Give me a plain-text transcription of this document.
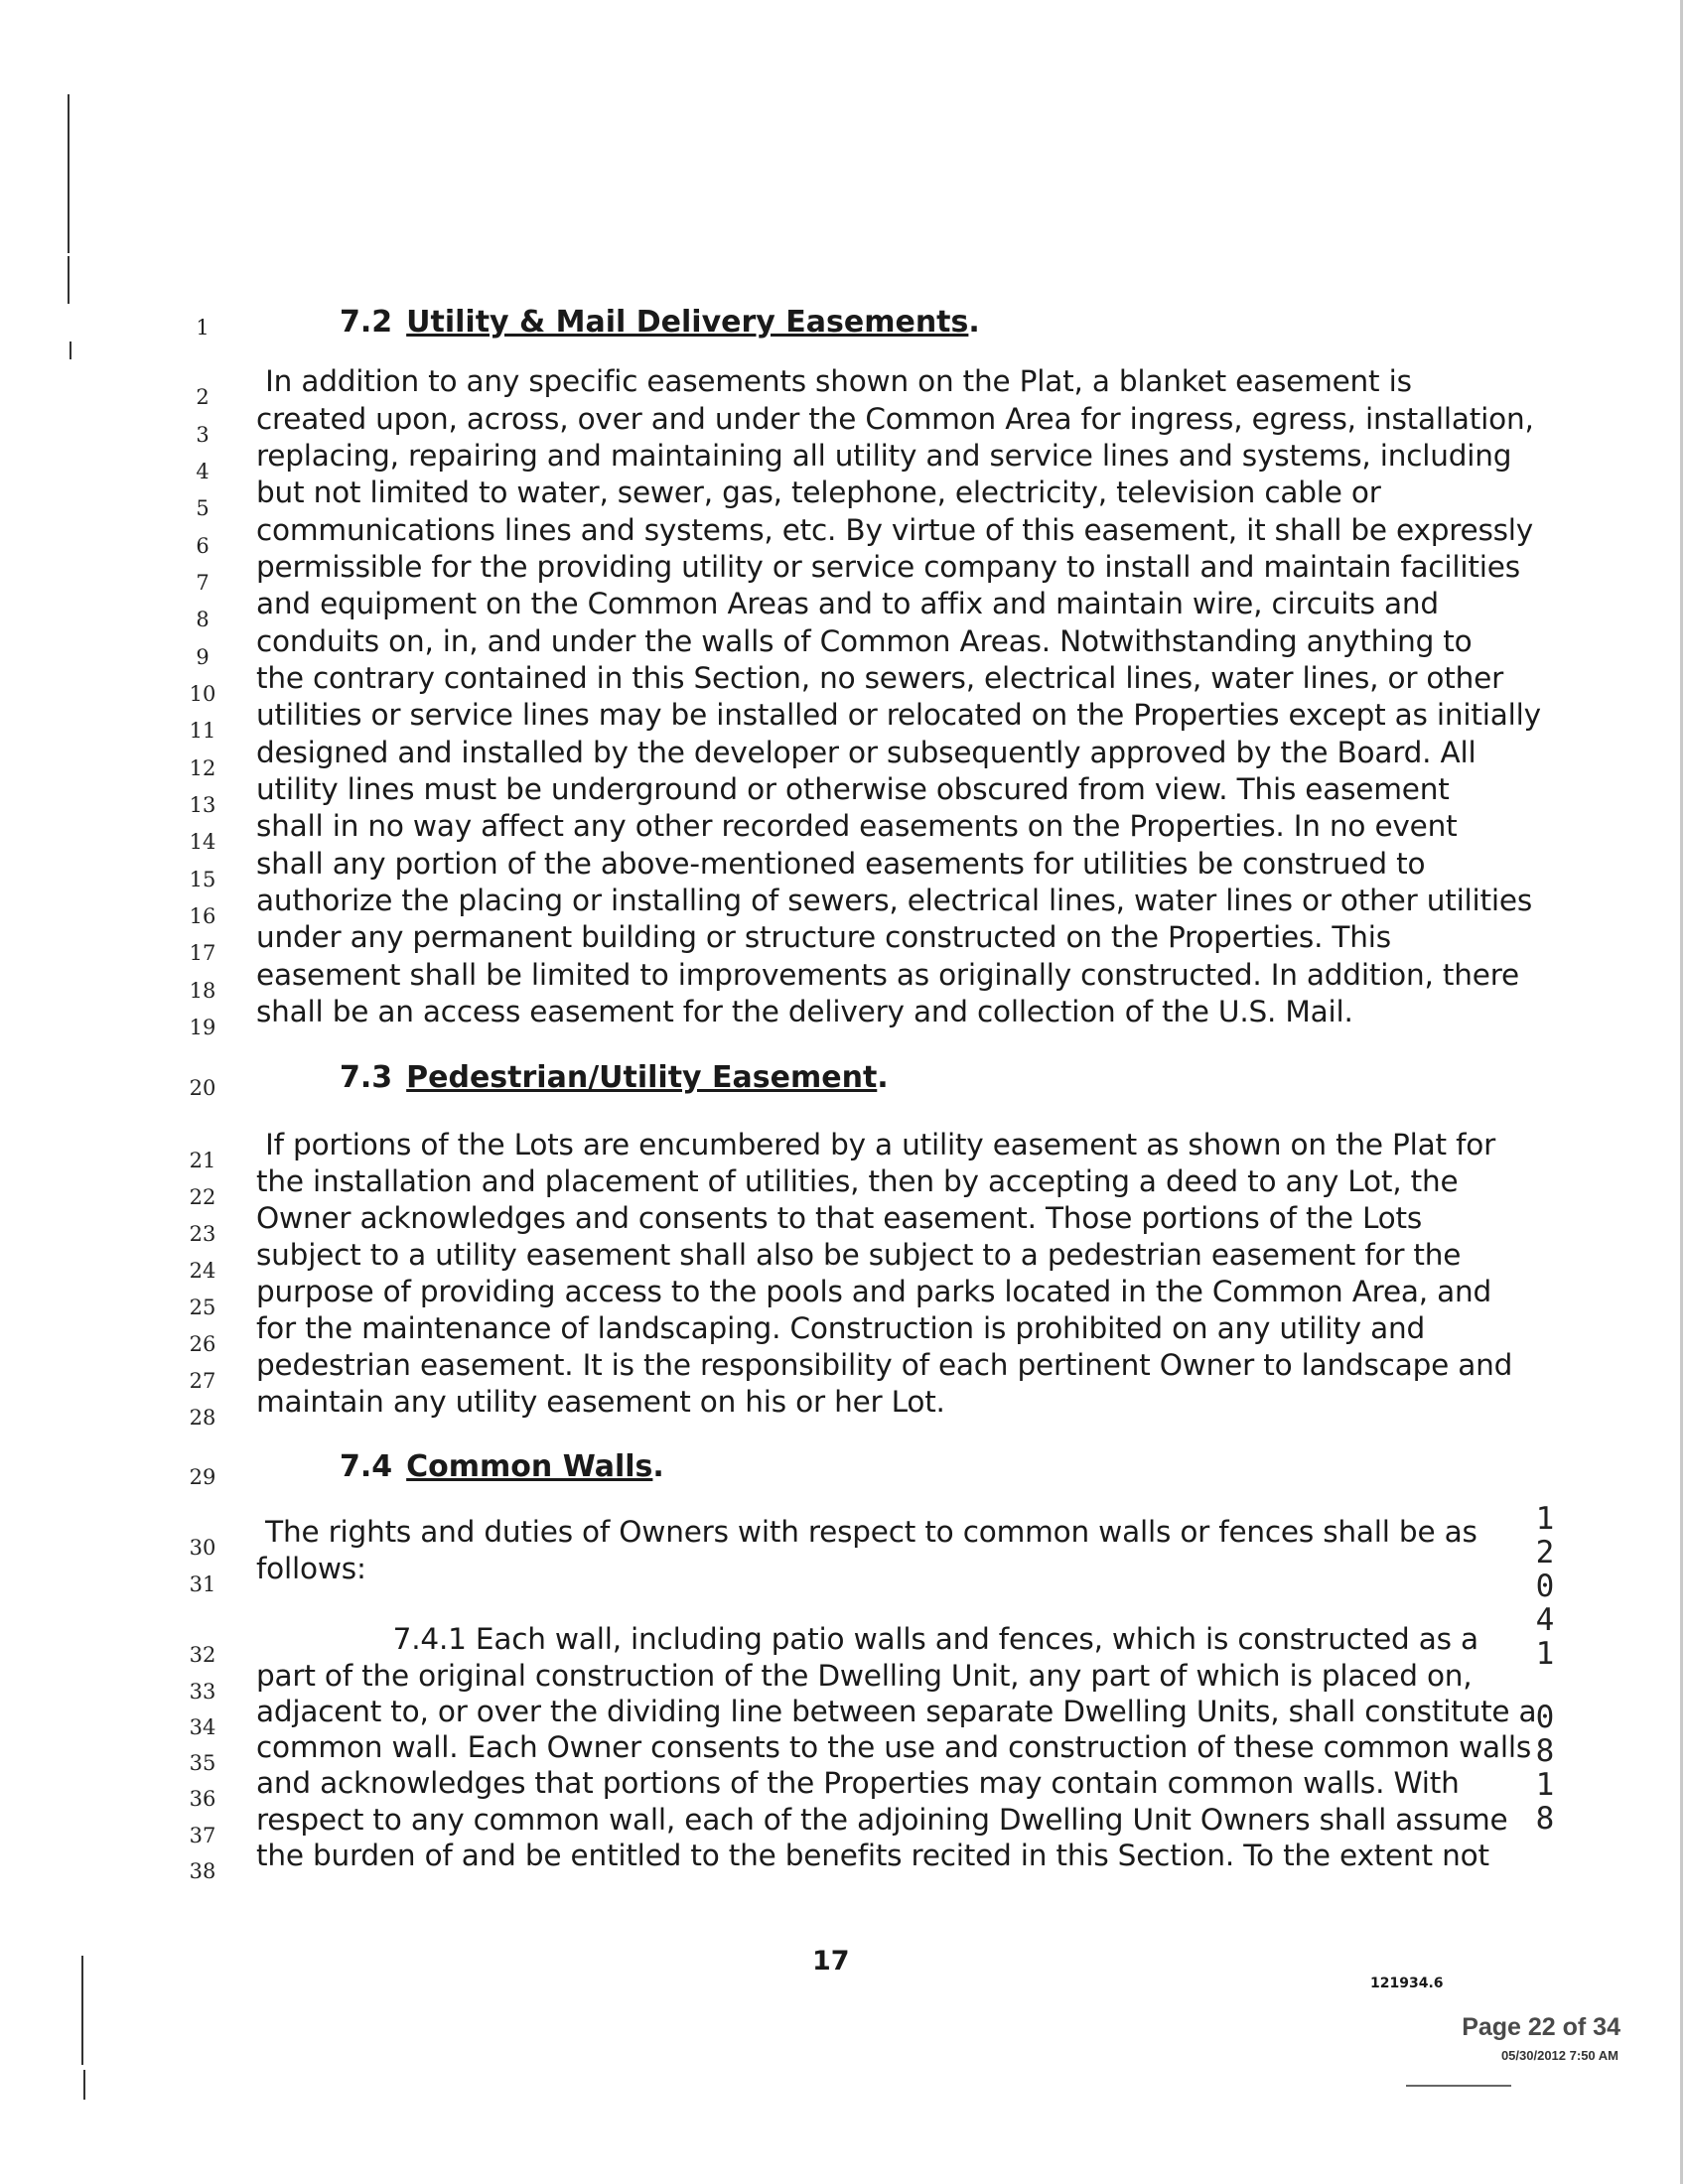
1	7.2 Utility & Mail Delivery Easements.
2	In addition to any specific easements shown on the Plat, a blanket easement is
3	created upon, across, over and under the Common Area for ingress, egress, installation,
4	replacing, repairing and maintaining all utility and service lines and systems, including
5	but not limited to water, sewer, gas, telephone, electricity, television cable or
6	communications lines and systems, etc. By virtue of this easement, it shall be expressly
7	permissible for the providing utility or service company to install and maintain facilities
8	and equipment on the Common Areas and to affix and maintain wire, circuits and
9	conduits on, in, and under the walls of Common Areas. Notwithstanding anything to
10	the contrary contained in this Section, no sewers, electrical lines, water lines, or other
11	utilities or service lines may be installed or relocated on the Properties except as initially
12	designed and installed by the developer or subsequently approved by the Board. All
13	utility lines must be underground or otherwise obscured from view. This easement
14	shall in no way affect any other recorded easements on the Properties. In no event
15	shall any portion of the above-mentioned easements for utilities be construed to
16	authorize the placing or installing of sewers, electrical lines, water lines or other utilities
17	under any permanent building or structure constructed on the Properties. This
18	easement shall be limited to improvements as originally constructed. In addition, there
19	shall be an access easement for the delivery and collection of the U.S. Mail.
20	7.3 Pedestrian/Utility Easement.
21	If portions of the Lots are encumbered by a utility easement as shown on the Plat for
22	the installation and placement of utilities, then by accepting a deed to any Lot, the
23	Owner acknowledges and consents to that easement. Those portions of the Lots
24	subject to a utility easement shall also be subject to a pedestrian easement for the
25	purpose of providing access to the pools and parks located in the Common Area, and
26	for the maintenance of landscaping. Construction is prohibited on any utility and
27	pedestrian easement. It is the responsibility of each pertinent Owner to landscape and
28	maintain any utility easement on his or her Lot.
29	7.4 Common Walls.
30	The rights and duties of Owners with respect to common walls or fences shall be as
31	follows:
32	7.4.1 Each wall, including patio walls and fences, which is constructed as a
33	part of the original construction of the Dwelling Unit, any part of which is placed on,
34	adjacent to, or over the dividing line between separate Dwelling Units, shall constitute a
35	common wall. Each Owner consents to the use and construction of these common walls
36	and acknowledges that portions of the Properties may contain common walls. With
37	respect to any common wall, each of the adjoining Dwelling Unit Owners shall assume
38	the burden of and be entitled to the benefits recited in this Section. To the extent not
1
2
0
4
1
0
8
1
8
17
121934.6
Page 22 of 34
05/30/2012 7:50 AM
